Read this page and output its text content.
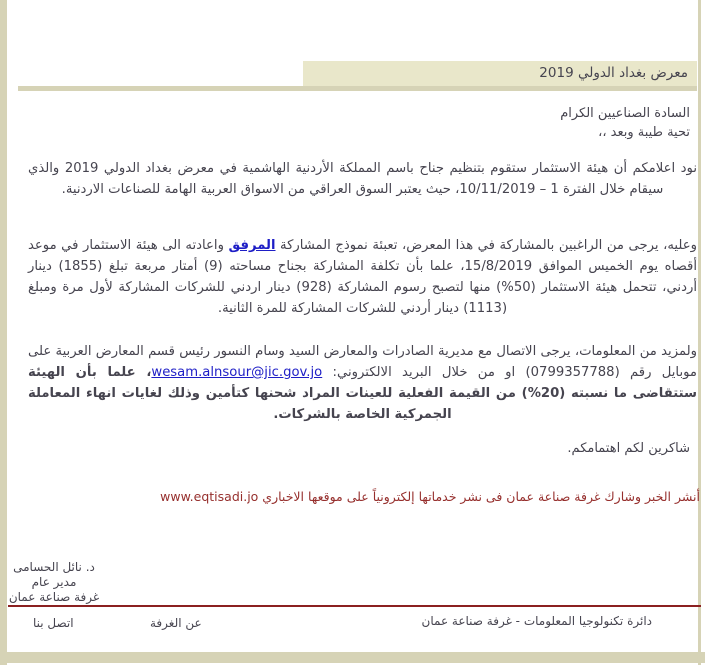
معرض بغداد الدولي 2019
السادة الصناعيين الكرام
تحية طيبة وبعد ،،

نود اعلامكم أن هيئة الاستثمار ستقوم بتنظيم جناح باسم المملكة الأردنية الهاشمية في معرض بغداد الدولي 2019 والذي سيقام خلال الفترة 1 – 10/11/2019، حيث يعتبر السوق العراقي من الاسواق العربية الهامة للصناعات الاردنية.

وعليه، يرجى من الراغبين بالمشاركة في هذا المعرض، تعبئة نموذج المشاركة المرفق واعادته الى هيئة الاستثمار في موعد أقصاه يوم الخميس الموافق 15/8/2019، علما بأن تكلفة المشاركة بجناح مساحته (9) أمتار مربعة تبلغ (1855) دينار أردني، تتحمل هيئة الاستثمار (50%) منها لتصبح رسوم المشاركة (928) دينار اردني للشركات المشاركة لأول مرة ومبلغ (1113) دينار أردني للشركات المشاركة للمرة الثانية.

ولمزيد من المعلومات، يرجى الاتصال مع مديرية الصادرات والمعارض السيد وسام النسور رئيس قسم المعارض العربية على موبايل رقم (0799357788) او من خلال البريد الالكتروني: wesam.alnsour@jic.gov.jo، علما بأن الهيئة ستتقاضى ما نسبته (20%) من القيمة الفعلية للعينات المراد شحنها كتأمين وذلك لغايات انهاء المعاملة الجمركية الخاصة بالشركات.

شاكرين لكم اهتمامكم.
أنشر الخبر وشارك غرفة صناعة عمان فى نشر خدماتها إلكترونياً على موقعها الاخباري www.eqtisadi.jo
د. نائل الحسامى
مدير عام
غرفة صناعة عمان
اتصل بنا	عن الغرفة	دائرة تكنولوجيا المعلومات - غرفة صناعة عمان
